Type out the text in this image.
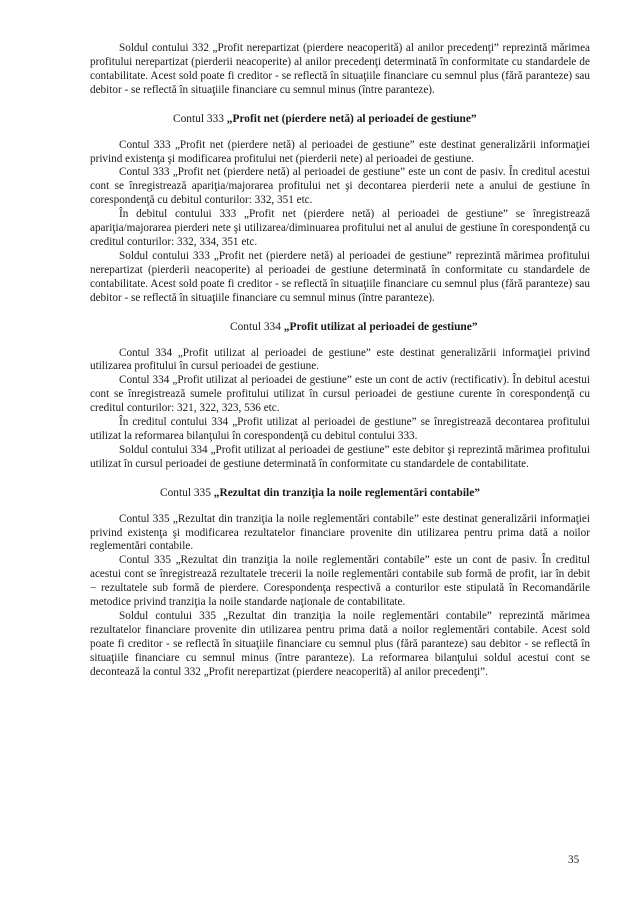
Soldul contului 332 „Profit nerepartizat (pierdere neacoperită) al anilor precedenţi” reprezintă mărimea profitului nerepartizat (pierderii neacoperite) al anilor precedenţi determinată în conformitate cu standardele de contabilitate. Acest sold poate fi creditor - se reflectă în situaţiile financiare cu semnul plus (fără paranteze) sau debitor - se reflectă în situaţiile financiare cu semnul minus (între paranteze).

Contul 333 „Profit net (pierdere netă) al perioadei de gestiune”

Contul 333 „Profit net (pierdere netă) al perioadei de gestiune” este destinat generalizării informaţiei privind existenţa şi modificarea profitului net (pierderii nete) al perioadei de gestiune.

Contul 333 „Profit net (pierdere netă) al perioadei de gestiune” este un cont de pasiv. În creditul acestui cont se înregistrează apariţia/majorarea profitului net şi decontarea pierderii nete a anului de gestiune în corespondenţă cu debitul conturilor: 332, 351 etc.

În debitul contului 333 „Profit net (pierdere netă) al perioadei de gestiune” se înregistrează apariţia/majorarea pierderi nete şi utilizarea/diminuarea profitului net al anului de gestiune în corespondenţă cu creditul conturilor: 332, 334, 351 etc.

Soldul contului 333 „Profit net (pierdere netă) al perioadei de gestiune” reprezintă mărimea profitului nerepartizat (pierderii neacoperite) al perioadei de gestiune determinată în conformitate cu standardele de contabilitate. Acest sold poate fi creditor - se reflectă în situaţiile financiare cu semnul plus (fără paranteze) sau debitor - se reflectă în situaţiile financiare cu semnul minus (între paranteze).

Contul 334 „Profit utilizat al perioadei de gestiune”

Contul 334 „Profit utilizat al perioadei de gestiune” este destinat generalizării informaţiei privind utilizarea profitului în cursul perioadei de gestiune.

Contul 334 „Profit utilizat al perioadei de gestiune” este un cont de activ (rectificativ). În debitul acestui cont se înregistrează sumele profitului utilizat în cursul perioadei de gestiune curente în corespondenţă cu creditul conturilor: 321, 322, 323, 536 etc.

În creditul contului 334 „Profit utilizat al perioadei de gestiune” se înregistrează decontarea profitului utilizat la reformarea bilanţului în corespondenţă cu debitul contului 333.

Soldul contului 334 „Profit utilizat al perioadei de gestiune” este debitor şi reprezintă mărimea profitului utilizat în cursul perioadei de gestiune determinată în conformitate cu standardele de contabilitate.

Contul 335 „Rezultat din tranziţia la noile reglementări contabile”

Contul 335 „Rezultat din tranziţia la noile reglementări contabile” este destinat generalizării informaţiei privind existenţa şi modificarea rezultatelor financiare provenite din utilizarea pentru prima dată a noilor reglementări contabile.

Contul 335 „Rezultat din tranziţia la noile reglementări contabile” este un cont de pasiv. În creditul acestui cont se înregistrează rezultatele trecerii la noile reglementări contabile sub formă de profit, iar în debit − rezultatele sub formă de pierdere. Corespondenţa respectivă a conturilor este stipulată în Recomandările metodice privind tranziţia la noile standarde naţionale de contabilitate.

Soldul contului 335 „Rezultat din tranziţia la noile reglementări contabile” reprezintă mărimea rezultatelor financiare provenite din utilizarea pentru prima dată a noilor reglementări contabile. Acest sold poate fi creditor - se reflectă în situaţiile financiare cu semnul plus (fără paranteze) sau debitor - se reflectă în situaţiile financiare cu semnul minus (între paranteze). La reformarea bilanţului soldul acestui cont se decontează la contul 332 „Profit nerepartizat (pierdere neacoperită) al anilor precedenţi”.

35
